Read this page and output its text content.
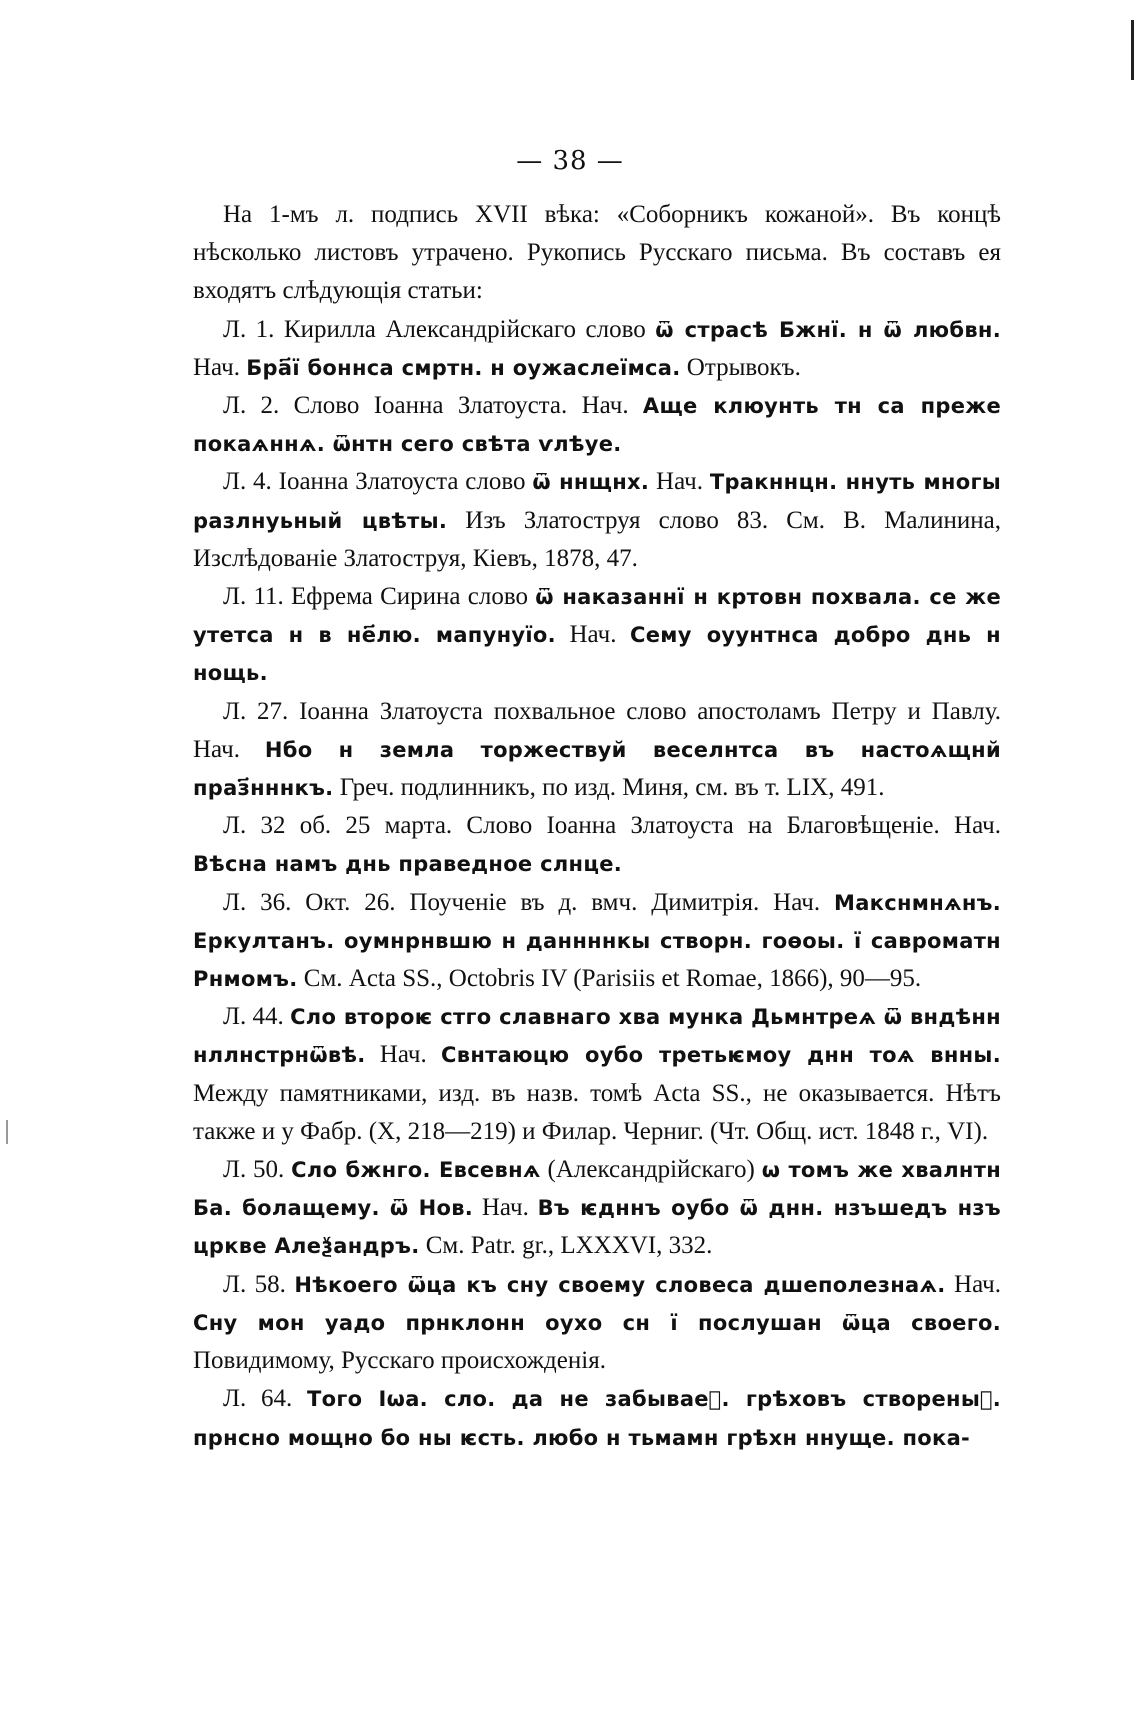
— 38 —

На 1-мъ л. подпись XVII вѣка: «Соборникъ кожаной». Въ концѣ нѣсколько листовъ утрачено. Рукопись Русскаго письма. Въ составъ ея входятъ слѣдующія статьи:

Л. 1. Кирилла Александрійскаго слово ѿ страсѣ Бжнї. н ѿ любвн. Нач. Бра҃ї боннса смртн. н оужаслеїмса. Отрывокъ.

Л. 2. Слово Іоанна Златоуста. Нач. Аще клюунть тн са преже покаѧннѧ. ѿнтн сего свѣта ѵлѣуе.

Л. 4. Іоанна Златоуста слово ѿ ннщнх. Нач. Тракннцн. ннуть многы разлнуьный цвѣты. Изъ Златоструя слово 83. См. В. Малинина, Изслѣдованіе Златоструя, Кіевъ, 1878, 47.

Л. 11. Ефрема Сирина слово ѿ наказаннї н кртовн похвала. се же утетса н в не҃лю. мапунуїо. Нач. Сему оуунтнса добро днь н нощь.

Л. 27. Іоанна Златоуста похвальное слово апостоламъ Петру и Павлу. Нач. Нбо н земла торжествуй веселнтса въ настоѧщнй праз҃нннкъ. Греч. подлинникъ, по изд. Миня, см. въ т. LIX, 491.

Л. 32 об. 25 марта. Слово Іоанна Златоуста на Благовѣщеніе. Нач. Вѣсна намъ днь праведное слнце.

Л. 36. Окт. 26. Поученіе въ д. вмч. Димитрія. Нач. Макснмнѧнъ. Еркулτанъ. оумнрнвшю н даннннкы створн. гоѳоы. ї савроматн Рнмомъ. См. Acta SS., Octobris IV (Parisiis et Romae, 1866), 90—95.

Л. 44. Сло второѥ стго славнаго хва мунка Дьмнтреѧ ѿ вндѣнн нллнстрнѿвѣ. Нач. Свнтаюцю оубо третьѥмоу днн тоѧ внны. Между памятниками, изд. въ назв. томѣ Acta SS., не оказывается. Нѣтъ также и у Фабр. (X, 218—219) и Филар. Черниг. (Чт. Общ. ист. 1848 г., VI).

Л. 50. Сло бжнго. Евсевнѧ (Александрійскаго) ѡ томъ же хвалнтн Ба. болащему. ѿ Нов. Нач. Въ ѥдннъ оубо ѿ днн. нзъшедъ нзъ цркве Алеѯандръ. См. Patr. gr., LXXXVI, 332.

Л. 58. Нѣкоего ѿца къ сну своему словеса дшеполезнаѧ. Нач. Сну мон уадо прнклонн оухо сн ї послушан ѿца своего. Повидимому, Русскаго происхожденія.

Л. 64. Того Іѡа. сло. да не забываеⷨ. грѣховъ створеныⷯ. прнсно мощно бо ны ѥсть. любо н тьмамн грѣхн ннуще. пока-
